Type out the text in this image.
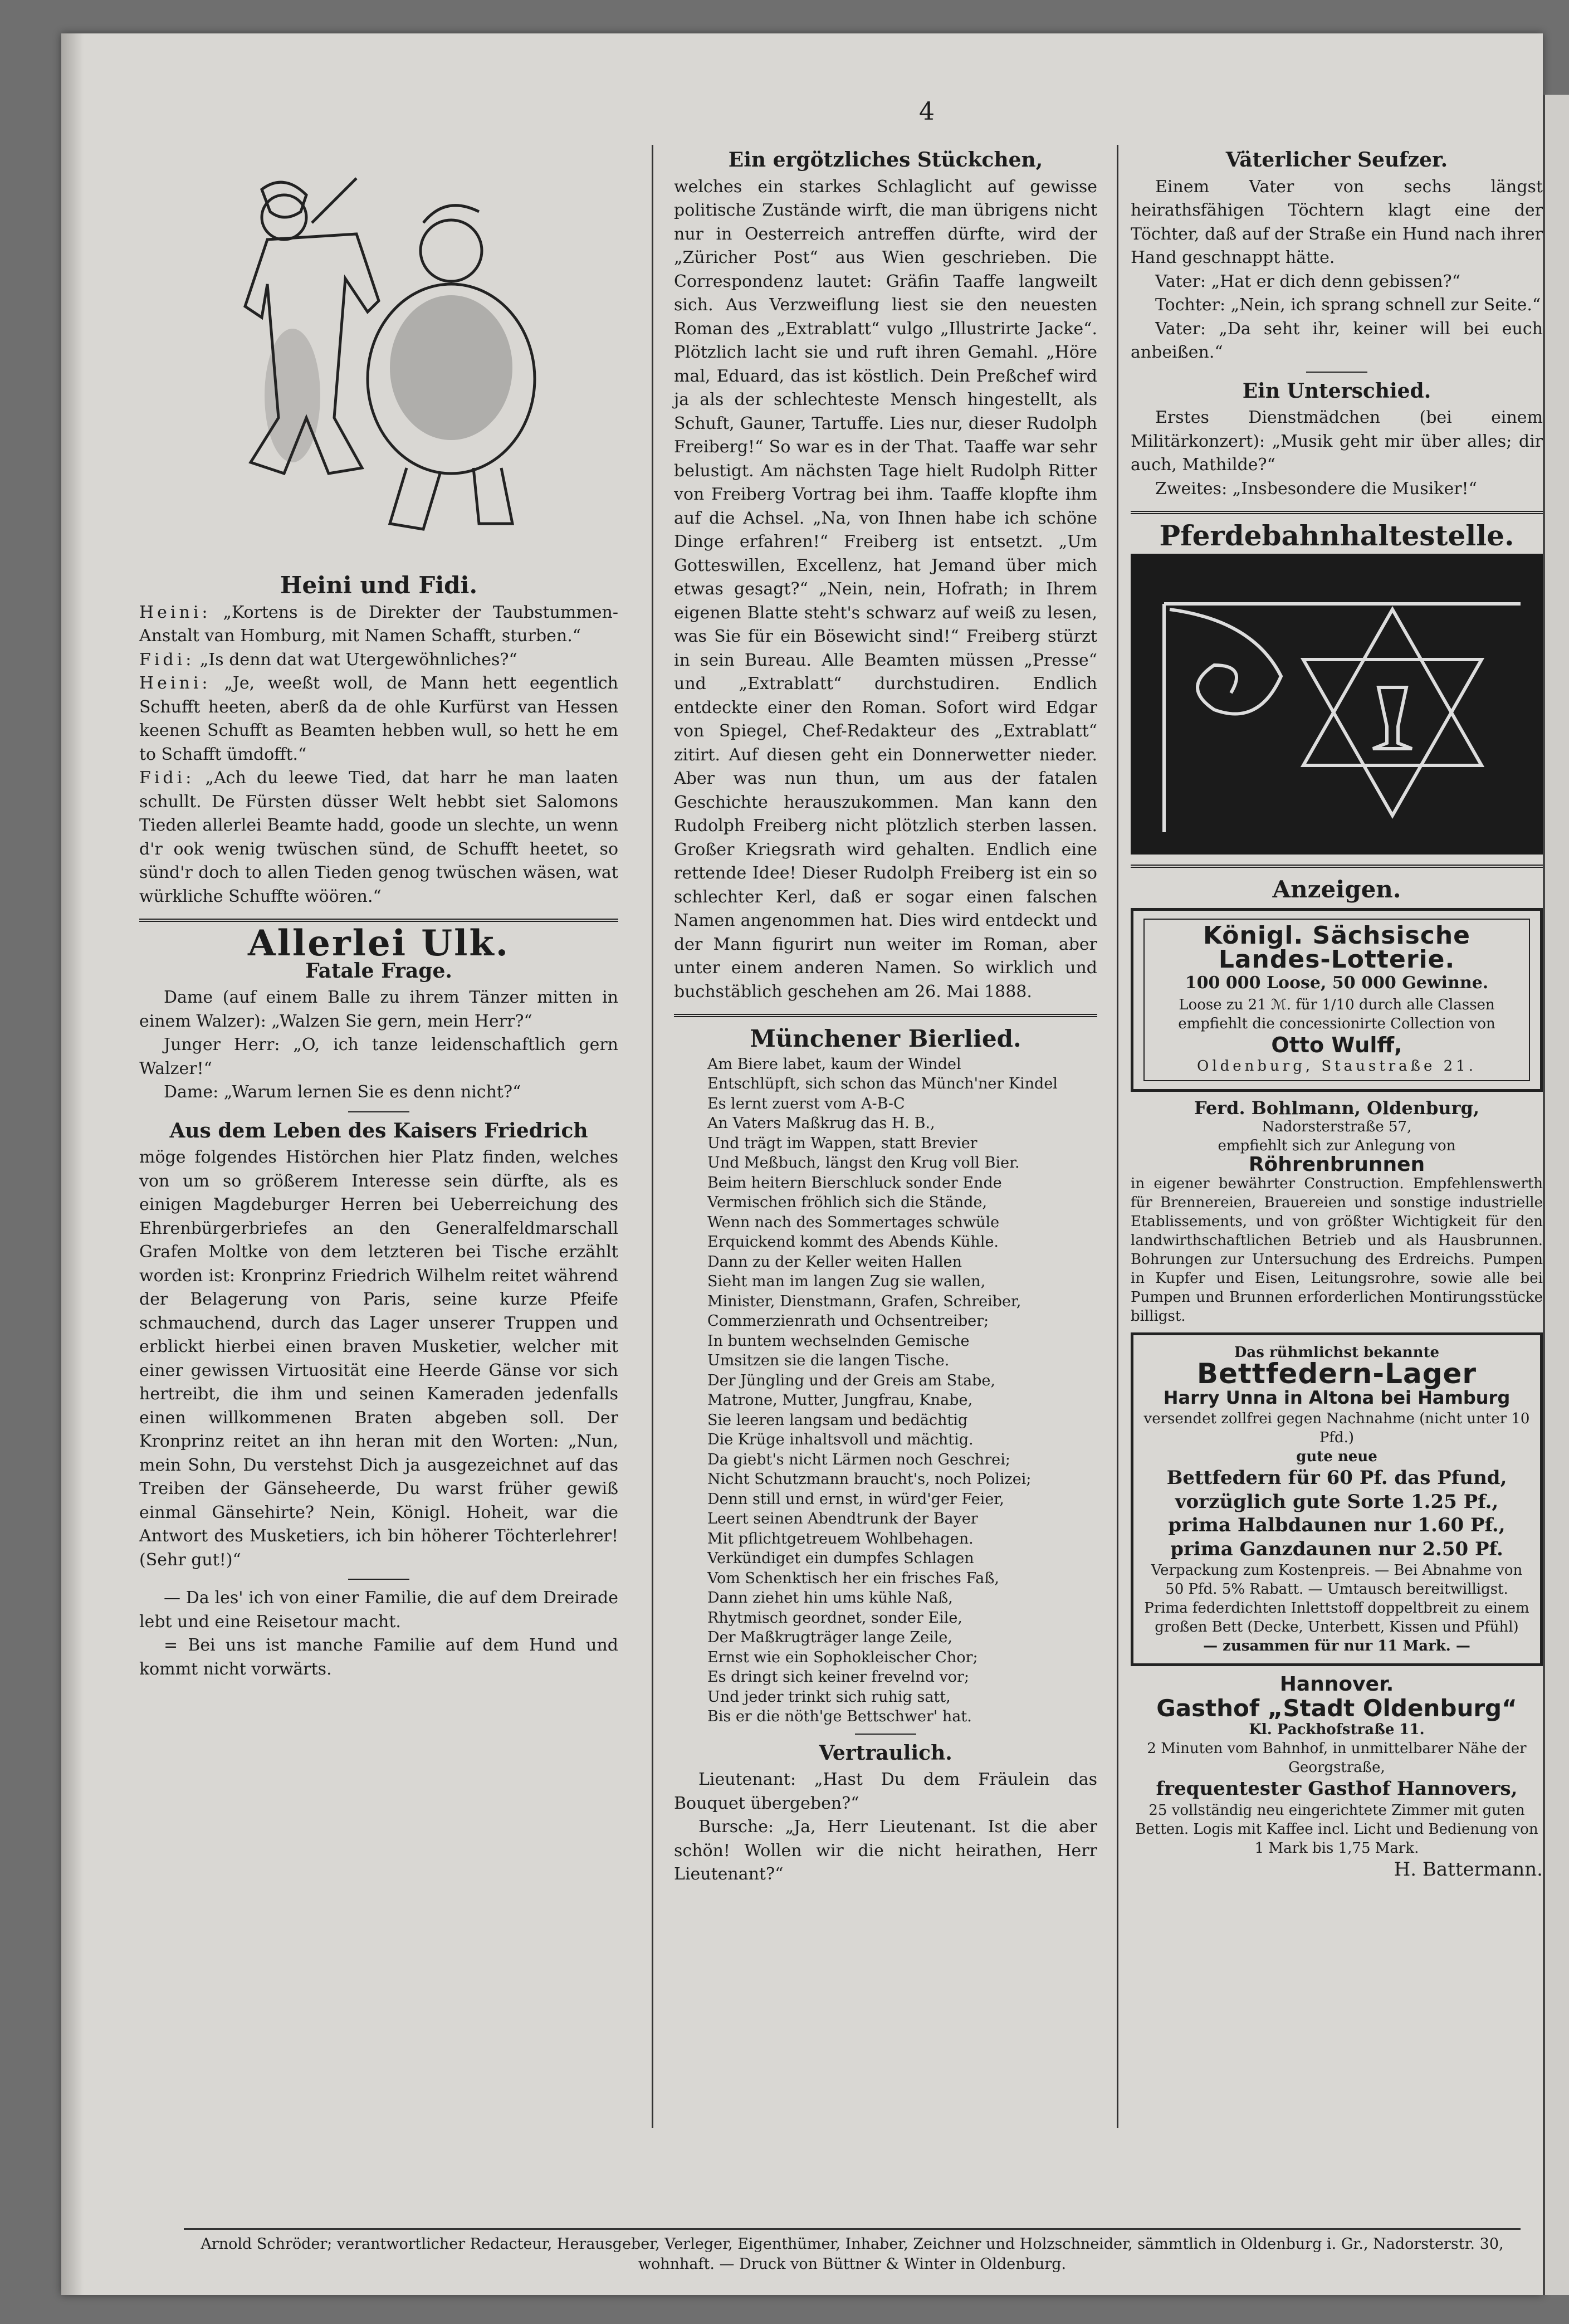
4
Heini und Fidi.

Heini: „Kortens is de Direkter der Taubstummen-Anstalt van Homburg, mit Namen Schafft, sturben.“

Fidi: „Is denn dat wat Utergewöhnliches?“

Heini: „Je, weeßt woll, de Mann hett eegentlich Schufft heeten, aberß da de ohle Kurfürst van Hessen keenen Schufft as Beamten hebben wull, so hett he em to Schafft ümdofft.“

Fidi: „Ach du leewe Tied, dat harr he man laaten schullt. De Fürsten düsser Welt hebbt siet Salomons Tieden allerlei Beamte hadd, goode un slechte, un wenn d'r ook wenig twüschen sünd, de Schufft heetet, so sünd'r doch to allen Tieden genog twüschen wäsen, wat würkliche Schuffte wöören.“

Allerlei Ulk.
Fatale Frage.

Dame (auf einem Balle zu ihrem Tänzer mitten in einem Walzer): „Walzen Sie gern, mein Herr?“

Junger Herr: „O, ich tanze leidenschaftlich gern Walzer!“

Dame: „Warum lernen Sie es denn nicht?“

Aus dem Leben des Kaisers Friedrich

möge folgendes Histörchen hier Platz finden, welches von um so größerem Interesse sein dürfte, als es einigen Magdeburger Herren bei Ueberreichung des Ehrenbürgerbriefes an den Generalfeldmarschall Grafen Moltke von dem letzteren bei Tische erzählt worden ist: Kronprinz Friedrich Wilhelm reitet während der Belagerung von Paris, seine kurze Pfeife schmauchend, durch das Lager unserer Truppen und erblickt hierbei einen braven Musketier, welcher mit einer gewissen Virtuosität eine Heerde Gänse vor sich hertreibt, die ihm und seinen Kameraden jedenfalls einen willkommenen Braten abgeben soll. Der Kronprinz reitet an ihn heran mit den Worten: „Nun, mein Sohn, Du verstehst Dich ja ausgezeichnet auf das Treiben der Gänseheerde, Du warst früher gewiß einmal Gänsehirte? Nein, Königl. Hoheit, war die Antwort des Musketiers, ich bin höherer Töchterlehrer! (Sehr gut!)“

— Da les' ich von einer Familie, die auf dem Dreirade lebt und eine Reisetour macht.

= Bei uns ist manche Familie auf dem Hund und kommt nicht vorwärts.

Ein ergötzliches Stückchen,

welches ein starkes Schlaglicht auf gewisse politische Zustände wirft, die man übrigens nicht nur in Oesterreich antreffen dürfte, wird der „Züricher Post“ aus Wien geschrieben. Die Correspondenz lautet: Gräfin Taaffe langweilt sich. Aus Verzweiflung liest sie den neuesten Roman des „Extrablatt“ vulgo „Illustrirte Jacke“. Plötzlich lacht sie und ruft ihren Gemahl. „Höre mal, Eduard, das ist köstlich. Dein Preßchef wird ja als der schlechteste Mensch hingestellt, als Schuft, Gauner, Tartuffe. Lies nur, dieser Rudolph Freiberg!“ So war es in der That. Taaffe war sehr belustigt. Am nächsten Tage hielt Rudolph Ritter von Freiberg Vortrag bei ihm. Taaffe klopfte ihm auf die Achsel. „Na, von Ihnen habe ich schöne Dinge erfahren!“ Freiberg ist entsetzt. „Um Gotteswillen, Excellenz, hat Jemand über mich etwas gesagt?“ „Nein, nein, Hofrath; in Ihrem eigenen Blatte steht's schwarz auf weiß zu lesen, was Sie für ein Bösewicht sind!“ Freiberg stürzt in sein Bureau. Alle Beamten müssen „Presse“ und „Extrablatt“ durchstudiren. Endlich entdeckte einer den Roman. Sofort wird Edgar von Spiegel, Chef-Redakteur des „Extrablatt“ zitirt. Auf diesen geht ein Donnerwetter nieder. Aber was nun thun, um aus der fatalen Geschichte herauszukommen. Man kann den Rudolph Freiberg nicht plötzlich sterben lassen. Großer Kriegsrath wird gehalten. Endlich eine rettende Idee! Dieser Rudolph Freiberg ist ein so schlechter Kerl, daß er sogar einen falschen Namen angenommen hat. Dies wird entdeckt und der Mann figurirt nun weiter im Roman, aber unter einem anderen Namen. So wirklich und buchstäblich geschehen am 26. Mai 1888.

Münchener Bierlied.
Am Biere labet, kaum der Windel
Entschlüpft, sich schon das Münch'ner Kindel
Es lernt zuerst vom A-B-C
An Vaters Maßkrug das H. B.,
Und trägt im Wappen, statt Brevier
Und Meßbuch, längst den Krug voll Bier.
Beim heitern Bierschluck sonder Ende
Vermischen fröhlich sich die Stände,
Wenn nach des Sommertages schwüle
Erquickend kommt des Abends Kühle.
Dann zu der Keller weiten Hallen
Sieht man im langen Zug sie wallen,
Minister, Dienstmann, Grafen, Schreiber,
Commerzienrath und Ochsentreiber;
In buntem wechselnden Gemische
Umsitzen sie die langen Tische.
Der Jüngling und der Greis am Stabe,
Matrone, Mutter, Jungfrau, Knabe,
Sie leeren langsam und bedächtig
Die Krüge inhaltsvoll und mächtig.
Da giebt's nicht Lärmen noch Geschrei;
Nicht Schutzmann braucht's, noch Polizei;
Denn still und ernst, in würd'ger Feier,
Leert seinen Abendtrunk der Bayer
Mit pflichtgetreuem Wohlbehagen.
Verkündiget ein dumpfes Schlagen
Vom Schenktisch her ein frisches Faß,
Dann ziehet hin ums kühle Naß,
Rhytmisch geordnet, sonder Eile,
Der Maßkrugträger lange Zeile,
Ernst wie ein Sophokleischer Chor;
Es dringt sich keiner frevelnd vor;
Und jeder trinkt sich ruhig satt,
Bis er die nöth'ge Bettschwer' hat.
Vertraulich.

Lieutenant: „Hast Du dem Fräulein das Bouquet übergeben?“

Bursche: „Ja, Herr Lieutenant. Ist die aber schön! Wollen wir die nicht heirathen, Herr Lieutenant?“

Väterlicher Seufzer.

Einem Vater von sechs längst heirathsfähigen Töchtern klagt eine der Töchter, daß auf der Straße ein Hund nach ihrer Hand geschnappt hätte.

Vater: „Hat er dich denn gebissen?“

Tochter: „Nein, ich sprang schnell zur Seite.“

Vater: „Da seht ihr, keiner will bei euch anbeißen.“

Ein Unterschied.

Erstes Dienstmädchen (bei einem Militärkonzert): „Musik geht mir über alles; dir auch, Mathilde?“

Zweites: „Insbesondere die Musiker!“

Pferdebahnhaltestelle.
Anzeigen.
Königl. Sächsische Landes-Lotterie.
100 000 Loose, 50 000 Gewinne.
Loose zu 21 ℳ. für 1/10 durch alle Classen empfiehlt die concessionirte Collection von
Otto Wulff,
Oldenburg, Staustraße 21.
Ferd. Bohlmann, Oldenburg,
Nadorsterstraße 57,
empfiehlt sich zur Anlegung von
Röhrenbrunnen

in eigener bewährter Construction. Empfehlenswerth für Brennereien, Brauereien und sonstige industrielle Etablissements, und von größter Wichtigkeit für den landwirthschaftlichen Betrieb und als Hausbrunnen. Bohrungen zur Untersuchung des Erdreichs. Pumpen in Kupfer und Eisen, Leitungsrohre, sowie alle bei Pumpen und Brunnen erforderlichen Montirungsstücke billigst.

Das rühmlichst bekannte
Bettfedern-Lager
Harry Unna in Altona bei Hamburg
versendet zollfrei gegen Nachnahme (nicht unter 10 Pfd.)
gute neue
Bettfedern für 60 Pf. das Pfund,
vorzüglich gute Sorte 1.25 Pf.,
prima Halbdaunen nur 1.60 Pf.,
prima Ganzdaunen nur 2.50 Pf.
Verpackung zum Kostenpreis. — Bei Abnahme von 50 Pfd. 5% Rabatt. — Umtausch bereitwilligst.
Prima federdichten Inlettstoff doppeltbreit zu einem großen Bett (Decke, Unterbett, Kissen und Pfühl)
— zusammen für nur 11 Mark. —
Hannover.
Gasthof „Stadt Oldenburg“
Kl. Packhofstraße 11.
2 Minuten vom Bahnhof, in unmittelbarer Nähe der Georgstraße,
frequentester Gasthof Hannovers,
25 vollständig neu eingerichtete Zimmer mit guten Betten. Logis mit Kaffee incl. Licht und Bedienung von 1 Mark bis 1,75 Mark.
H. Battermann.
Arnold Schröder; verantwortlicher Redacteur, Herausgeber, Verleger, Eigenthümer, Inhaber, Zeichner und Holzschneider, sämmtlich in Oldenburg i. Gr., Nadorsterstr. 30, wohnhaft. — Druck von Büttner & Winter in Oldenburg.
